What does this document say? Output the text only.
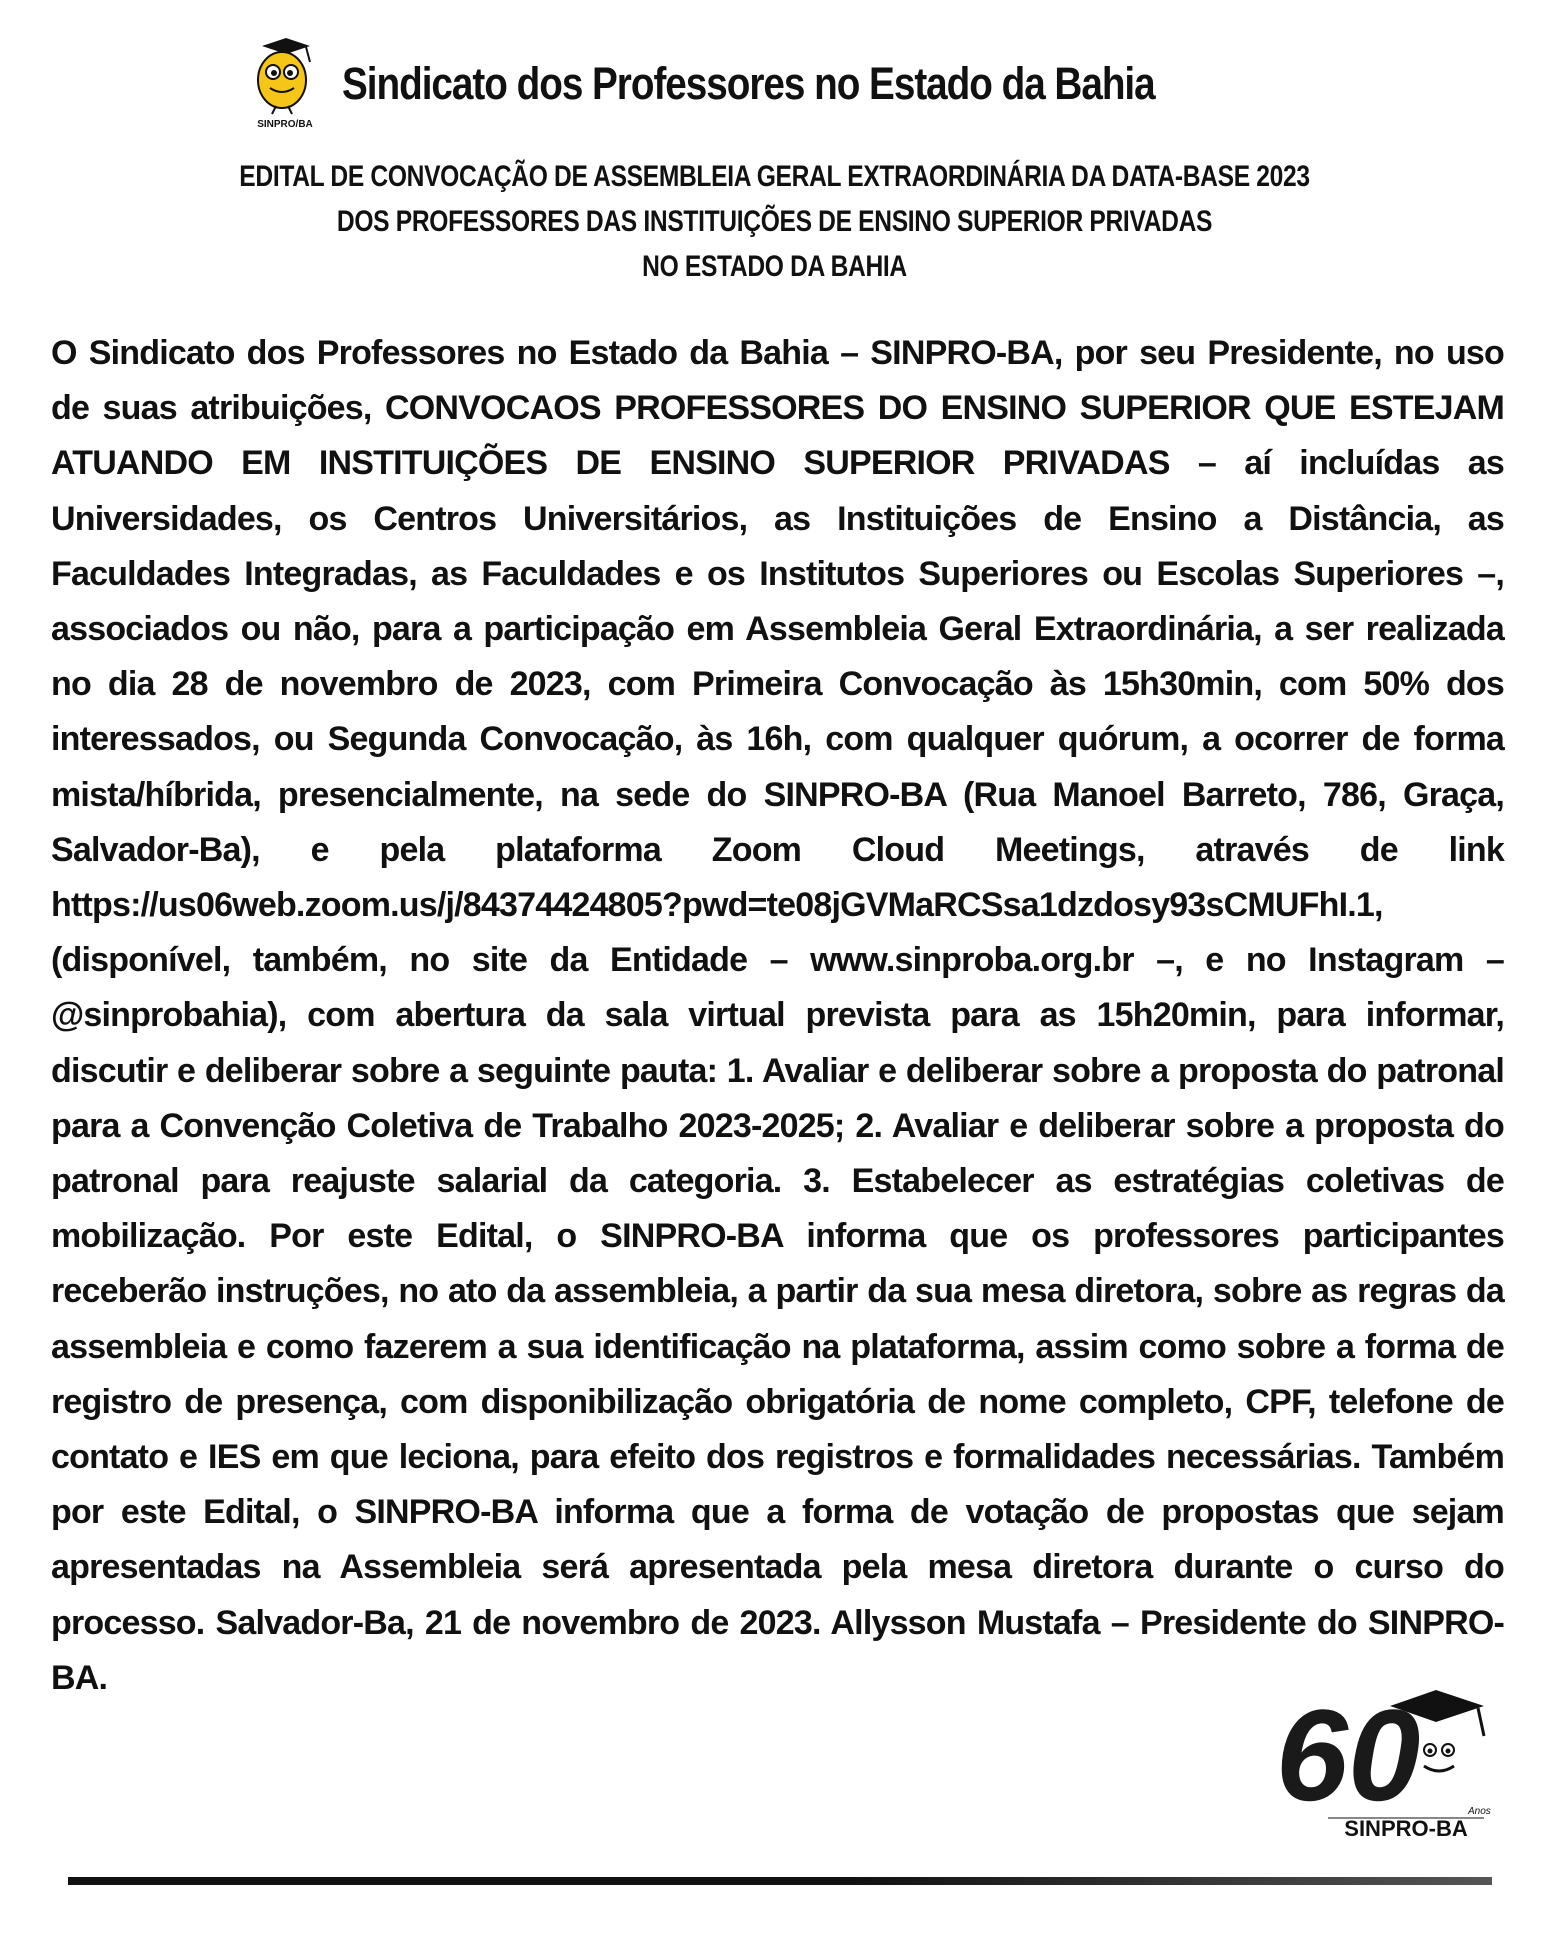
SINPRO/BA
Sindicato dos Professores no Estado da Bahia
EDITAL DE CONVOCAÇÃO DE ASSEMBLEIA GERAL EXTRAORDINÁRIA DA DATA-BASE 2023
DOS PROFESSORES DAS INSTITUIÇÕES DE ENSINO SUPERIOR PRIVADAS
NO ESTADO DA BAHIA
O Sindicato dos Professores no Estado da Bahia – SINPRO-BA, por seu Presidente, no uso de suas atribuições, CONVOCAOS PROFESSORES DO ENSINO SUPERIOR QUE ESTEJAM ATUANDO EM INSTITUIÇÕES DE ENSINO SUPERIOR PRIVADAS – aí incluídas as Universidades, os Centros Universitários, as Instituições de Ensino a Distância, as Faculdades Integradas, as Faculdades e os Institutos Superiores ou Escolas Superiores –, associados ou não, para a participação em Assembleia Geral Extraordinária, a ser realizada no dia 28 de novembro de 2023, com Primeira Convocação às 15h30min, com 50% dos interessados, ou Segunda Convocação, às 16h, com qualquer quórum, a ocorrer de forma mista/híbrida, presencialmente, na sede do SINPRO-BA (Rua Manoel Barreto, 786, Graça, Salvador-Ba), e pela plataforma Zoom Cloud Meetings, através de link https://us06web.zoom.us/j/84374424805?pwd=te08jGVMaRCSsa1dzdosy93sCMUFhI.1, (disponível, também, no site da Entidade – www.sinproba.org.br –, e no Instagram – @sinprobahia), com abertura da sala virtual prevista para as 15h20min, para informar, discutir e deliberar sobre a seguinte pauta: 1. Avaliar e deliberar sobre a proposta do patronal para a Convenção Coletiva de Trabalho 2023-2025; 2. Avaliar e deliberar sobre a proposta do patronal para reajuste salarial da categoria. 3. Estabelecer as estratégias coletivas de mobilização. Por este Edital, o SINPRO-BA informa que os professores participantes receberão instruções, no ato da assembleia, a partir da sua mesa diretora, sobre as regras da assembleia e como fazerem a sua identificação na plataforma, assim como sobre a forma de registro de presença, com disponibilização obrigatória de nome completo, CPF, telefone de contato e IES em que leciona, para efeito dos registros e formalidades necessárias. Também por este Edital, o SINPRO-BA informa que a forma de votação de propostas que sejam apresentadas na Assembleia será apresentada pela mesa diretora durante o curso do processo. Salvador-Ba, 21 de novembro de 2023. Allysson Mustafa – Presidente do SINPRO-BA.
60	Anos
SINPRO-BA
